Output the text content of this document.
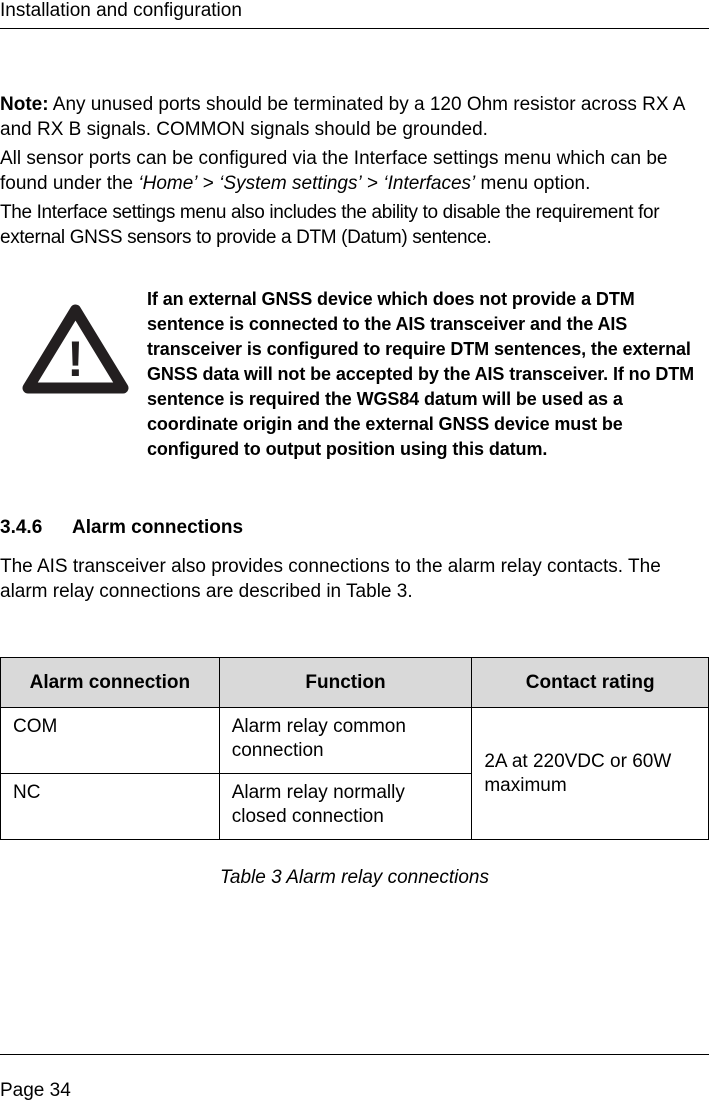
Installation and configuration

Note: Any unused ports should be terminated by a 120 Ohm resistor across RX A and RX B signals. COMMON signals should be grounded.

All sensor ports can be configured via the Interface settings menu which can be found under the ‘Home’ > ‘System settings’ > ‘Interfaces’ menu option.

The Interface settings menu also includes the ability to disable the requirement for external GNSS sensors to provide a DTM (Datum) sentence.

!

If an external GNSS device which does not provide a DTM sentence is connected to the AIS transceiver and the AIS transceiver is configured to require DTM sentences, the external GNSS data will not be accepted by the AIS transceiver. If no DTM sentence is required the WGS84 datum will be used as a coordinate origin and the external GNSS device must be configured to output position using this datum.

3.4.6 Alarm connections

The AIS transceiver also provides connections to the alarm relay contacts. The alarm relay connections are described in Table 3.

Alarm connection	Function	Contact rating
COM	Alarm relay common connection	2A at 220VDC or 60W maximum
NC	Alarm relay normally closed connection	
Table 3 Alarm relay connections
Page 34
